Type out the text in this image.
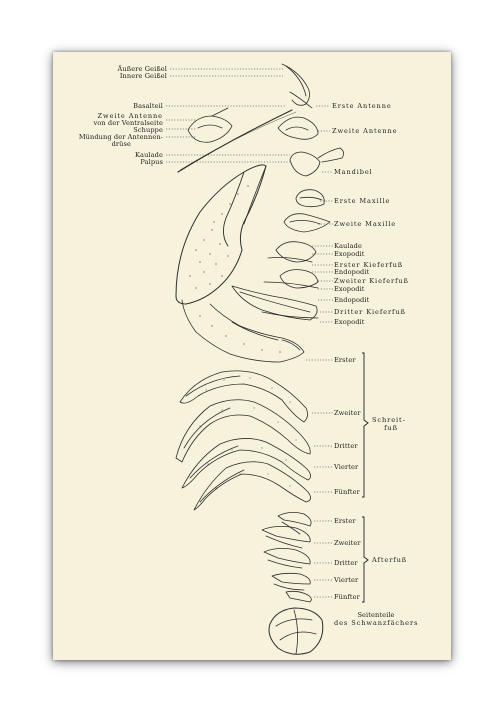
Äußere Geißel
Innere Geißel
Basalteil
Zweite Antenne
von der Ventralseite
Schuppe
Mündung der Antennen-
drüse
Kaulade
Palpus
Erste Antenne
Zweite Antenne
Mandibel
Erste Maxille
Zweite Maxille
Kaulade
Exopodit
Erster Kieferfuß
Endopodit
Zweiter Kieferfuß
Exopodit
Endopodit
Dritter Kieferfuß
Exopodit
Erster
Zweiter
Dritter
Vierter
Fünfter
Schreit-
fuß
Erster
Zweiter
Dritter
Vierter
Fünfter
Afterfuß
Seitenteile
des Schwanzfächers
